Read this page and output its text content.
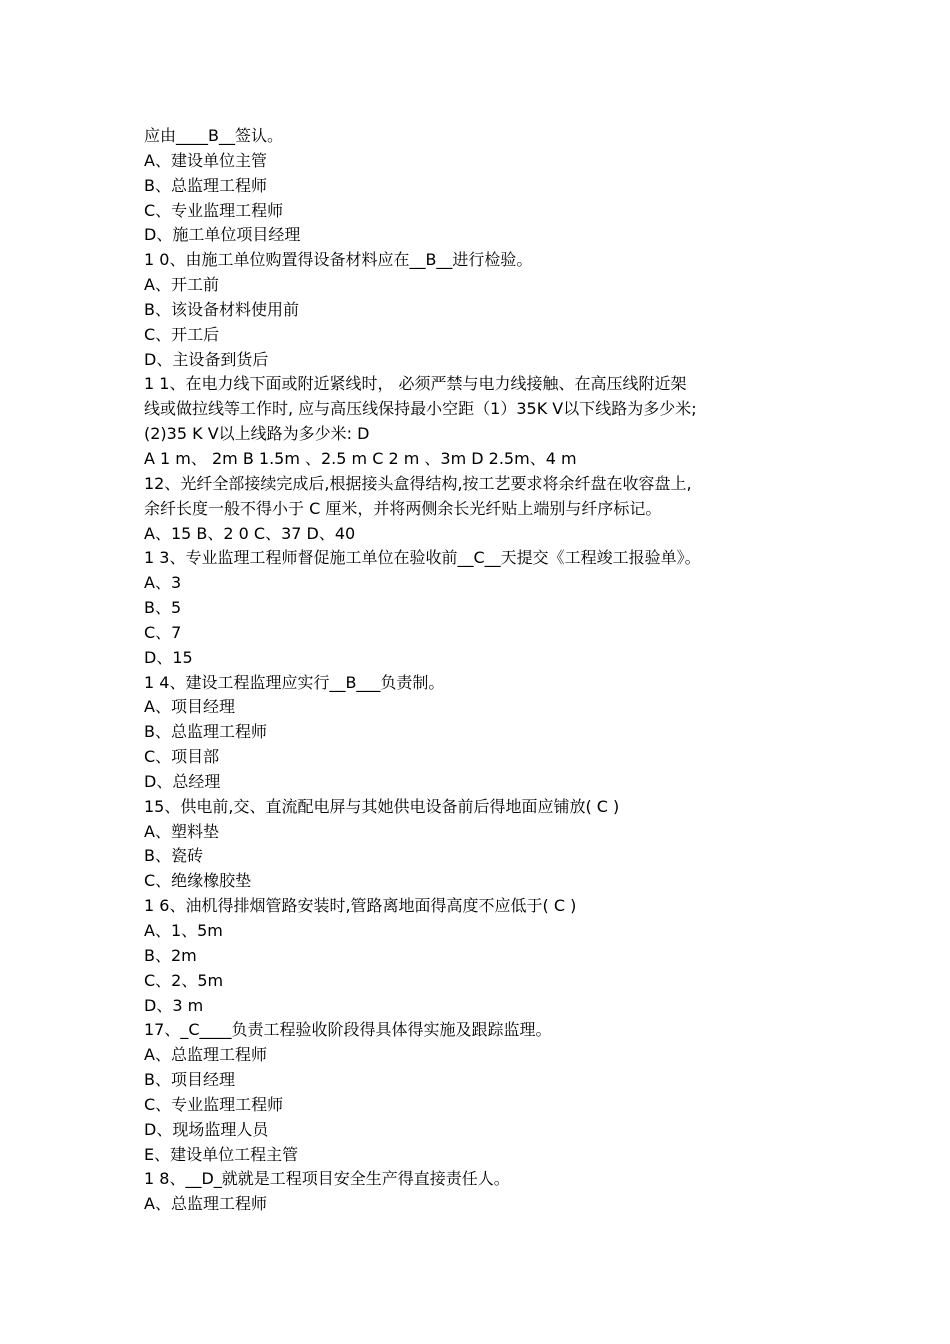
应由____B__签认。
A、建设单位主管
B、总监理工程师
C、专业监理工程师
D、施工单位项目经理
1 0、由施工单位购置得设备材料应在__B__进行检验。
A、开工前
B、该设备材料使用前
C、开工后
D、主设备到货后
1 1、在电力线下面或附近紧线时， 必须严禁与电力线接触、在高压线附近架
线或做拉线等工作时, 应与高压线保持最小空距（1）35K V以下线路为多少米;
(2)35 K V以上线路为多少米: D
A 1 m、 2m B 1.5m 、2.5 m C 2 m 、3m D 2.5m、4 m
12、光纤全部接续完成后,根据接头盒得结构,按工艺要求将余纤盘在收容盘上,
余纤长度一般不得小于 C 厘米，并将两侧余长光纤贴上端别与纤序标记。
A、15 B、2 0 C、37 D、40
1 3、专业监理工程师督促施工单位在验收前__C__天提交《工程竣工报验单》。
A、3
B、5
C、7
D、15
1 4、建设工程监理应实行__B___负责制。
A、项目经理
B、总监理工程师
C、项目部
D、总经理
15、供电前,交、直流配电屏与其她供电设备前后得地面应铺放( C )
A、塑料垫
B、瓷砖
C、绝缘橡胶垫
1 6、油机得排烟管路安装时,管路离地面得高度不应低于( C )
A、1、5m
B、2m
C、2、5m
D、3 m
17、_C____负责工程验收阶段得具体得实施及跟踪监理。
A、总监理工程师
B、项目经理
C、专业监理工程师
D、现场监理人员
E、建设单位工程主管
1 8、__D_就就是工程项目安全生产得直接责任人。
A、总监理工程师
